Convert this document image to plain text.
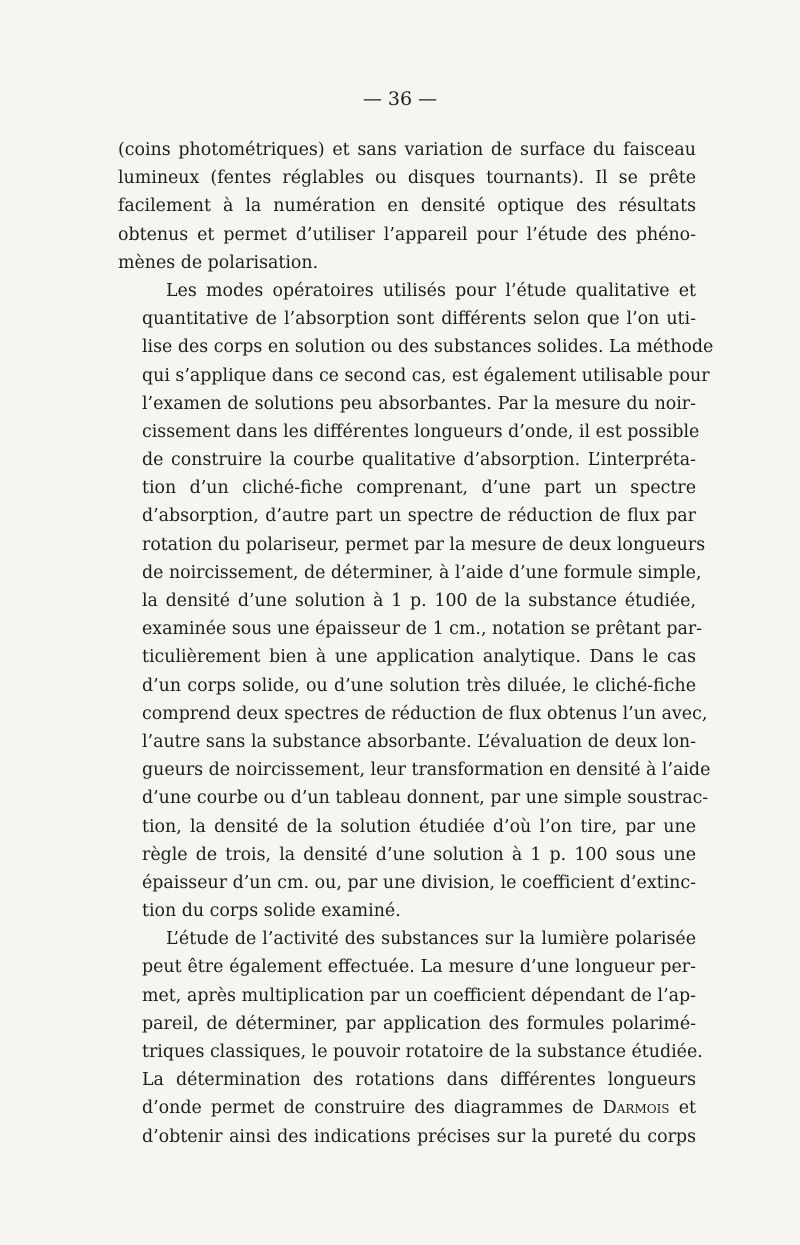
— 36 —
(coins photométriques) et sans variation de surface du faisceau
lumineux (fentes réglables ou disques tournants). Il se prête
facilement à la numération en densité optique des résultats
obtenus et permet d’utiliser l’appareil pour l’étude des phéno-
mènes de polarisation.
Les modes opératoires utilisés pour l’étude qualitative et
quantitative de l’absorption sont différents selon que l’on uti-
lise des corps en solution ou des substances solides. La méthode
qui s’applique dans ce second cas, est également utilisable pour
l’examen de solutions peu absorbantes. Par la mesure du noir-
cissement dans les différentes longueurs d’onde, il est possible
de construire la courbe qualitative d’absorption. L’interpréta-
tion d’un cliché-fiche comprenant, d’une part un spectre
d’absorption, d’autre part un spectre de réduction de flux par
rotation du polariseur, permet par la mesure de deux longueurs
de noircissement, de déterminer, à l’aide d’une formule simple,
la densité d’une solution à 1 p. 100 de la substance étudiée,
examinée sous une épaisseur de 1 cm., notation se prêtant par-
ticulièrement bien à une application analytique. Dans le cas
d’un corps solide, ou d’une solution très diluée, le cliché-fiche
comprend deux spectres de réduction de flux obtenus l’un avec,
l’autre sans la substance absorbante. L’évaluation de deux lon-
gueurs de noircissement, leur transformation en densité à l’aide
d’une courbe ou d’un tableau donnent, par une simple soustrac-
tion, la densité de la solution étudiée d’où l’on tire, par une
règle de trois, la densité d’une solution à 1 p. 100 sous une
épaisseur d’un cm. ou, par une division, le coefficient d’extinc-
tion du corps solide examiné.
L’étude de l’activité des substances sur la lumière polarisée
peut être également effectuée. La mesure d’une longueur per-
met, après multiplication par un coefficient dépendant de l’ap-
pareil, de déterminer, par application des formules polarimé-
triques classiques, le pouvoir rotatoire de la substance étudiée.
La détermination des rotations dans différentes longueurs
d’onde permet de construire des diagrammes de Darmois et
d’obtenir ainsi des indications précises sur la pureté du corps
